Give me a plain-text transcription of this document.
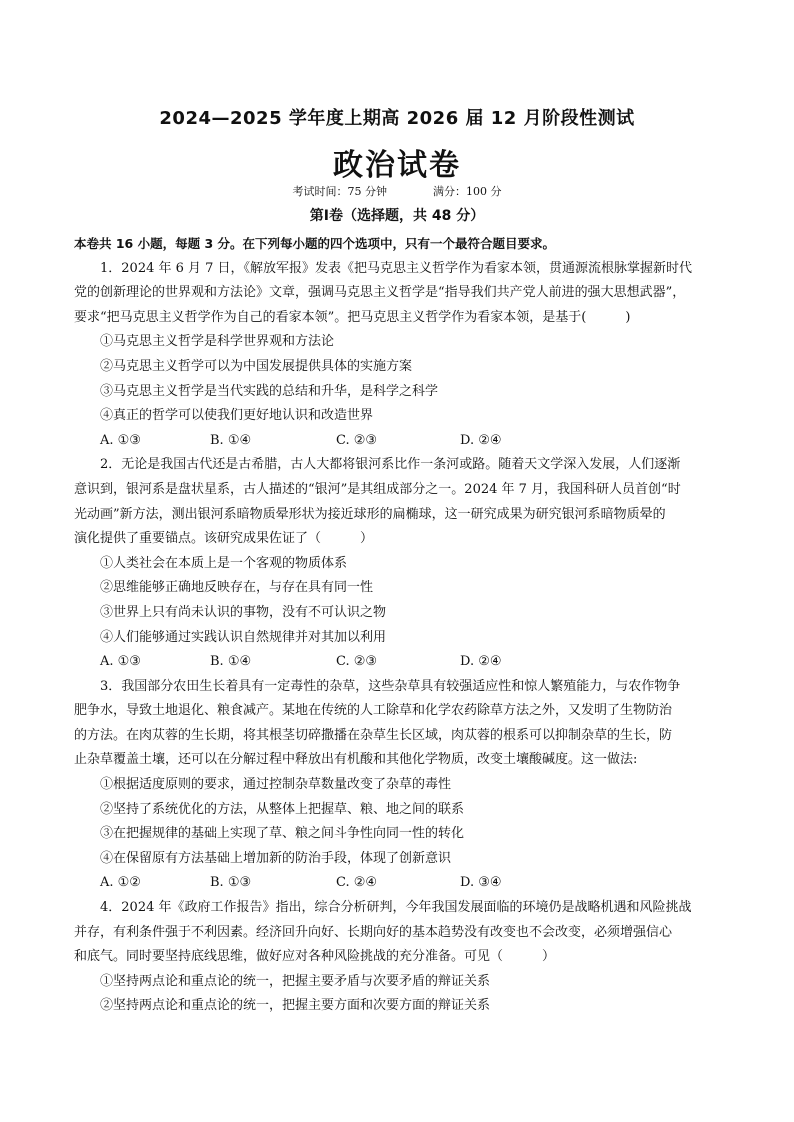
2024—2025 学年度上期高 2026 届 12 月阶段性测试
政治试卷
考试时间：75 分钟	满分：100 分
第Ⅰ卷（选择题，共 48 分）
本卷共 16 小题，每题 3 分。在下列每小题的四个选项中，只有一个最符合题目要求。
1．2024 年 6 月 7 日，《解放军报》发表《把马克思主义哲学作为看家本领，贯通源流根脉掌握新时代
党的创新理论的世界观和方法论》文章，强调马克思主义哲学是“指导我们共产党人前进的强大思想武器”，
要求“把马克思主义哲学作为自己的看家本领”。把马克思主义哲学作为看家本领，是基于(　　　)
①马克思主义哲学是科学世界观和方法论
②马克思主义哲学可以为中国发展提供具体的实施方案
③马克思主义哲学是当代实践的总结和升华，是科学之科学
④真正的哲学可以使我们更好地认识和改造世界
A. ①③	B. ①④	C. ②③	D. ②④
2．无论是我国古代还是古希腊，古人大都将银河系比作一条河或路。随着天文学深入发展，人们逐渐
意识到，银河系是盘状星系，古人描述的“银河”是其组成部分之一。2024 年 7 月，我国科研人员首创“时
光动画”新方法，测出银河系暗物质晕形状为接近球形的扁椭球，这一研究成果为研究银河系暗物质晕的
演化提供了重要锚点。该研究成果佐证了（　　　）
①人类社会在本质上是一个客观的物质体系
②思维能够正确地反映存在，与存在具有同一性
③世界上只有尚未认识的事物，没有不可认识之物
④人们能够通过实践认识自然规律并对其加以利用
A. ①③	B. ①④	C. ②③	D. ②④
3．我国部分农田生长着具有一定毒性的杂草，这些杂草具有较强适应性和惊人繁殖能力，与农作物争
肥争水，导致土地退化、粮食减产。某地在传统的人工除草和化学农药除草方法之外，又发明了生物防治
的方法。在肉苁蓉的生长期，将其根茎切碎撒播在杂草生长区域，肉苁蓉的根系可以抑制杂草的生长，防
止杂草覆盖土壤，还可以在分解过程中释放出有机酸和其他化学物质，改变土壤酸碱度。这一做法:
①根据适度原则的要求，通过控制杂草数量改变了杂草的毒性
②坚持了系统优化的方法，从整体上把握草、粮、地之间的联系
③在把握规律的基础上实现了草、粮之间斗争性向同一性的转化
④在保留原有方法基础上增加新的防治手段，体现了创新意识
A. ①②	B. ①③	C. ②④	D. ③④
4．2024 年《政府工作报告》指出，综合分析研判，今年我国发展面临的环境仍是战略机遇和风险挑战
并存，有利条件强于不利因素。经济回升向好、长期向好的基本趋势没有改变也不会改变，必须增强信心
和底气。同时要坚持底线思维，做好应对各种风险挑战的充分准备。可见（　　　）
①坚持两点论和重点论的统一，把握主要矛盾与次要矛盾的辩证关系
②坚持两点论和重点论的统一，把握主要方面和次要方面的辩证关系
